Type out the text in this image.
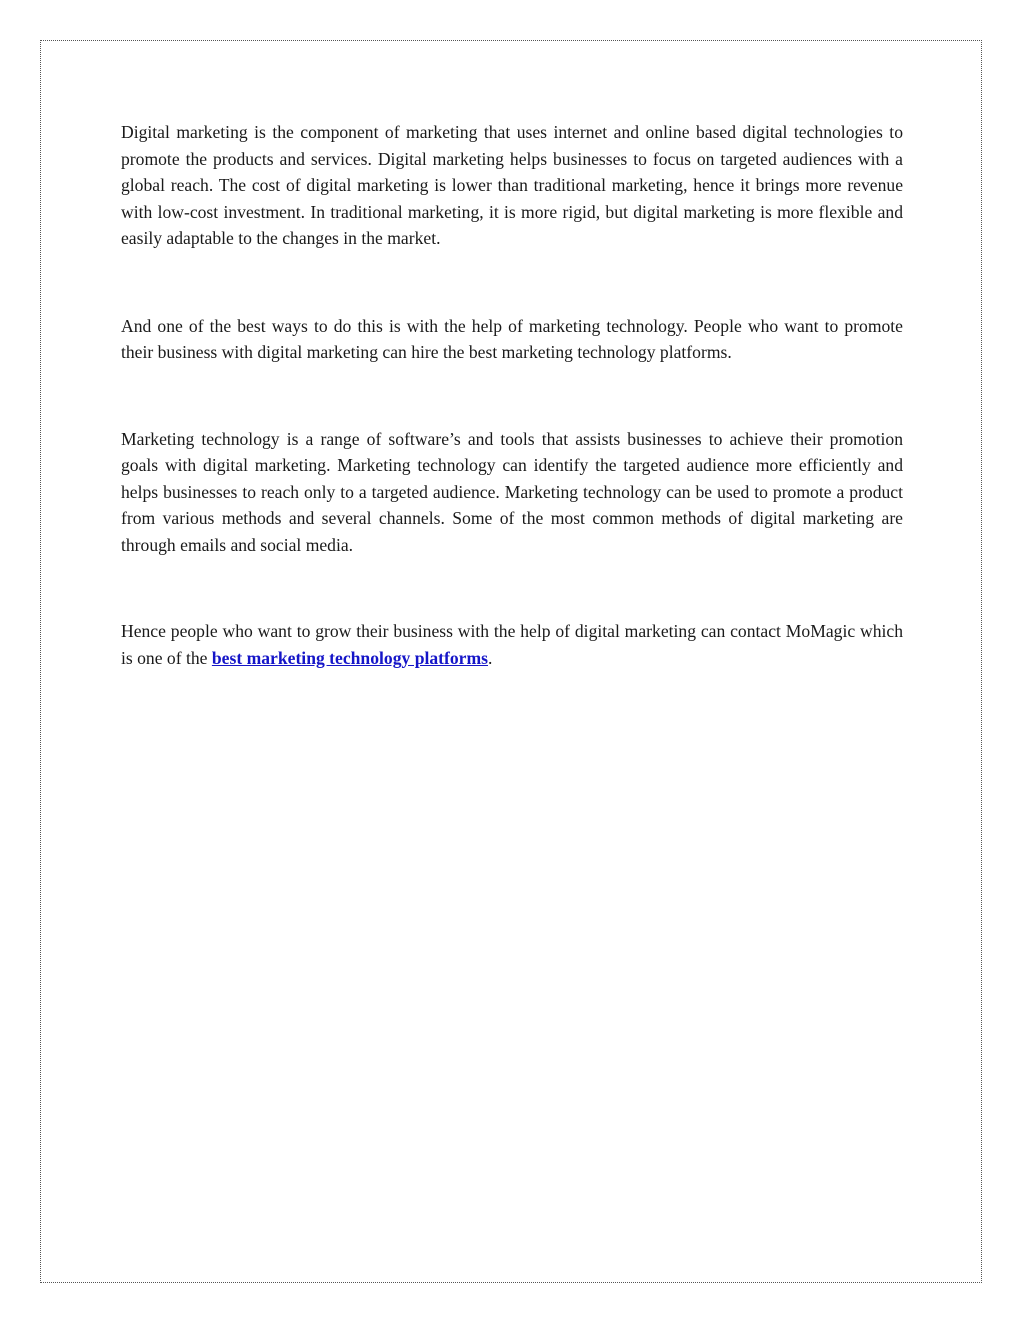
Digital marketing is the component of marketing that uses internet and online based digital technologies to promote the products and services. Digital marketing helps businesses to focus on targeted audiences with a global reach. The cost of digital marketing is lower than traditional marketing, hence it brings more revenue with low-cost investment. In traditional marketing, it is more rigid, but digital marketing is more flexible and easily adaptable to the changes in the market.

And one of the best ways to do this is with the help of marketing technology. People who want to promote their business with digital marketing can hire the best marketing technology platforms.

Marketing technology is a range of software’s and tools that assists businesses to achieve their promotion goals with digital marketing. Marketing technology can identify the targeted audience more efficiently and helps businesses to reach only to a targeted audience. Marketing technology can be used to promote a product from various methods and several channels. Some of the most common methods of digital marketing are through emails and social media.

Hence people who want to grow their business with the help of digital marketing can contact MoMagic which is one of the best marketing technology platforms.
